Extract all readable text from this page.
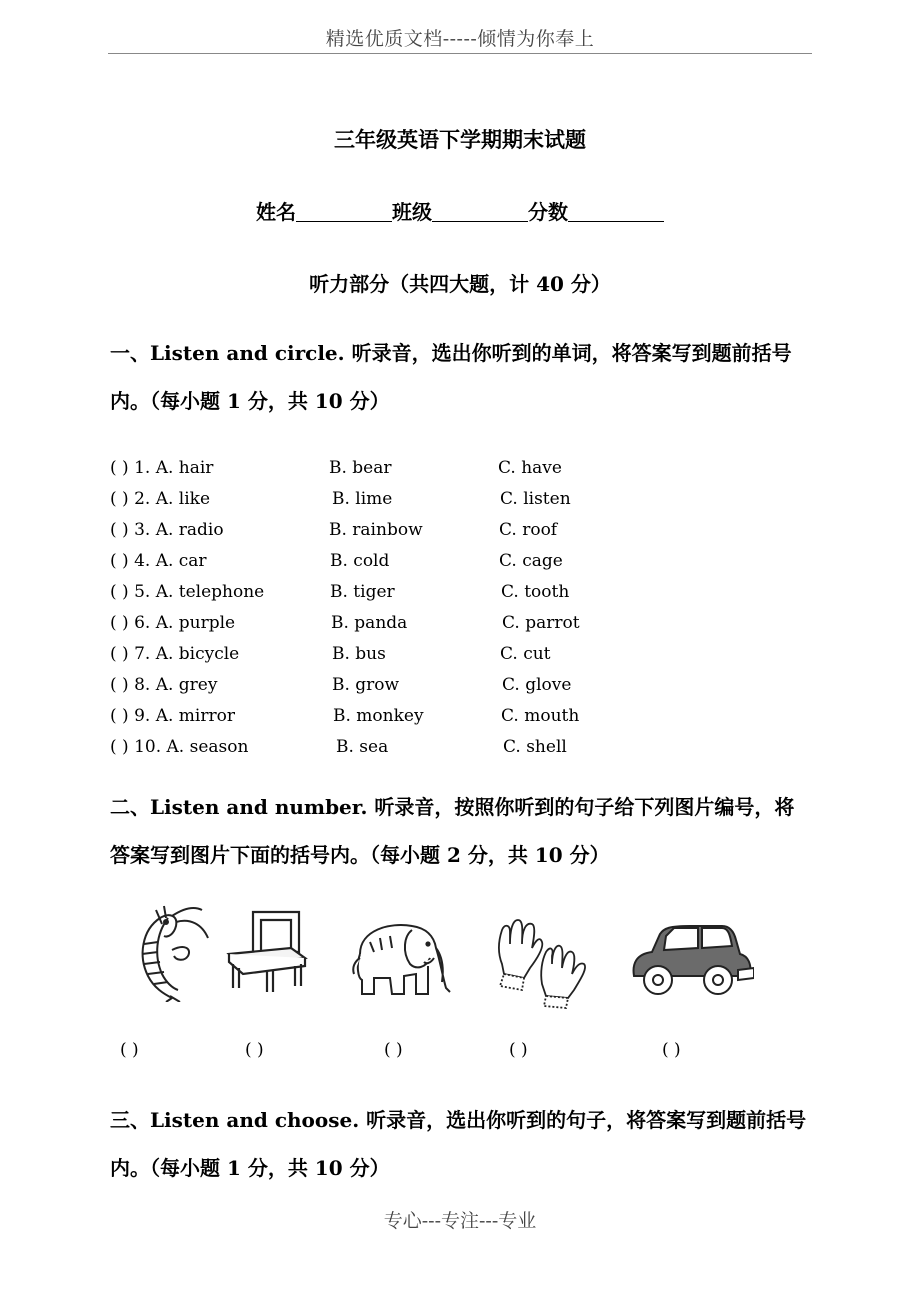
精选优质文档-----倾情为你奉上
三年级英语下学期期末试题
姓名	班级	分数
听力部分（共四大题，计 40 分）
一、Listen and circle. 听录音，选出你听到的单词，将答案写到题前括号
内。（每小题 1 分，共 10 分）
( ) 1. A. hair	B. bear	C. have
( ) 2. A. like	B. lime	C. listen
( ) 3. A. radio	B. rainbow	C. roof
( ) 4. A. car	B. cold	C. cage
( ) 5. A. telephone	B. tiger	C. tooth
( ) 6. A. purple	B. panda	C. parrot
( ) 7. A. bicycle	B. bus	C. cut
( ) 8. A. grey	B. grow	C. glove
( ) 9. A. mirror	B. monkey	C. mouth
( ) 10. A. season	B. sea	C. shell
二、Listen and number. 听录音，按照你听到的句子给下列图片编号，将
答案写到图片下面的括号内。（每小题 2 分，共 10 分）
( )	( )	( )	( )	( )
三、Listen and choose. 听录音，选出你听到的句子，将答案写到题前括号
内。（每小题 1 分，共 10 分）
专心---专注---专业
